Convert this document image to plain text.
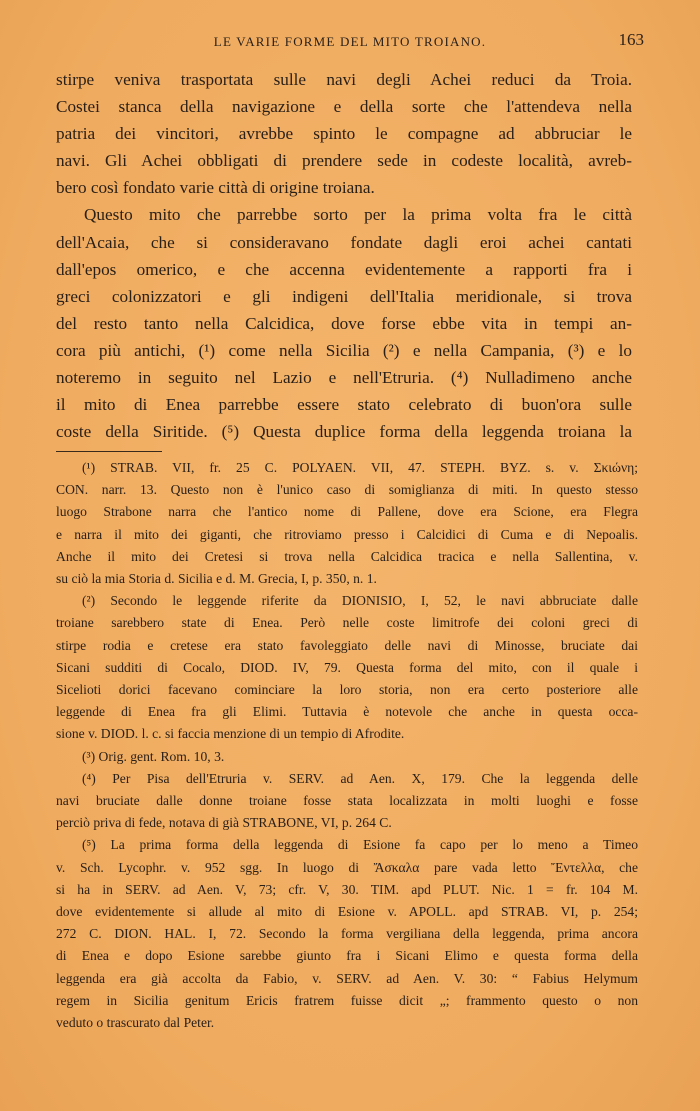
LE VARIE FORME DEL MITO TROIANO.	163
stirpe veniva trasportata sulle navi degli Achei reduci da Troia.
Costei stanca della navigazione e della sorte che l'attendeva nella
patria dei vincitori, avrebbe spinto le compagne ad abbruciar le
navi. Gli Achei obbligati di prendere sede in codeste località, avreb-
bero così fondato varie città di origine troiana.
Questo mito che parrebbe sorto per la prima volta fra le città
dell'Acaia, che si consideravano fondate dagli eroi achei cantati
dall'epos omerico, e che accenna evidentemente a rapporti fra i
greci colonizzatori e gli indigeni dell'Italia meridionale, si trova
del resto tanto nella Calcidica, dove forse ebbe vita in tempi an-
cora più antichi, (¹) come nella Sicilia (²) e nella Campania, (³) e lo
noteremo in seguito nel Lazio e nell'Etruria. (⁴) Nulladimeno anche
il mito di Enea parrebbe essere stato celebrato di buon'ora sulle
coste della Siritide. (⁵) Questa duplice forma della leggenda troiana la
(¹) STRAB. VII, fr. 25 C. POLYAEN. VII, 47. STEPH. BYZ. s. v. Σκιώνη;
CON. narr. 13. Questo non è l'unico caso di somiglianza di miti. In questo stesso
luogo Strabone narra che l'antico nome di Pallene, dove era Scione, era Flegra
e narra il mito dei giganti, che ritroviamo presso i Calcidici di Cuma e di Nepoalis.
Anche il mito dei Cretesi si trova nella Calcidica tracica e nella Sallentina, v.
su ciò la mia Storia d. Sicilia e d. M. Grecia, I, p. 350, n. 1.
(²) Secondo le leggende riferite da DIONISIO, I, 52, le navi abbruciate dalle
troiane sarebbero state di Enea. Però nelle coste limitrofe dei coloni greci di
stirpe rodia e cretese era stato favoleggiato delle navi di Minosse, bruciate dai
Sicani sudditi di Cocalo, DIOD. IV, 79. Questa forma del mito, con il quale i
Sicelioti dorici facevano cominciare la loro storia, non era certo posteriore alle
leggende di Enea fra gli Elimi. Tuttavia è notevole che anche in questa occa-
sione v. DIOD. l. c. si faccia menzione di un tempio di Afrodite.
(³) Orig. gent. Rom. 10, 3.
(⁴) Per Pisa dell'Etruria v. SERV. ad Aen. X, 179. Che la leggenda delle
navi bruciate dalle donne troiane fosse stata localizzata in molti luoghi e fosse
perciò priva di fede, notava di già STRABONE, VI, p. 264 C.
(⁵) La prima forma della leggenda di Esione fa capo per lo meno a Timeo
v. Sch. Lycophr. v. 952 sgg. In luogo di Ἄσκαλα pare vada letto Ἔντελλα, che
si ha in SERV. ad Aen. V, 73; cfr. V, 30. TIM. apd PLUT. Nic. 1 = fr. 104 M.
dove evidentemente si allude al mito di Esione v. APOLL. apd STRAB. VI, p. 254;
272 C. DION. HAL. I, 72. Secondo la forma vergiliana della leggenda, prima ancora
di Enea e dopo Esione sarebbe giunto fra i Sicani Elimo e questa forma della
leggenda era già accolta da Fabio, v. SERV. ad Aen. V. 30: “ Fabius Helymum
regem in Sicilia genitum Ericis fratrem fuisse dicit „; frammento questo o non
veduto o trascurato dal Peter.
